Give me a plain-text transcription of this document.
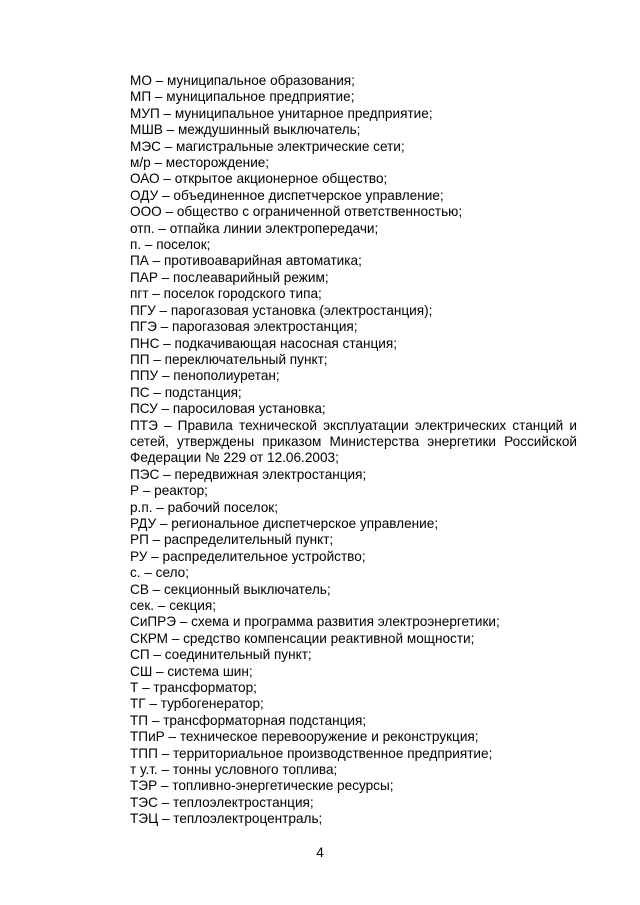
МО – муниципальное образования;
МП – муниципальное предприятие;
МУП – муниципальное унитарное предприятие;
МШВ – междушинный выключатель;
МЭС – магистральные электрические сети;
м/р – месторождение;
ОАО – открытое акционерное общество;
ОДУ – объединенное диспетчерское управление;
ООО – общество с ограниченной ответственностью;
отп. – отпайка линии электропередачи;
п. – поселок;
ПА – противоаварийная автоматика;
ПАР – послеаварийный режим;
пгт – поселок городского типа;
ПГУ – парогазовая установка (электростанция);
ПГЭ – парогазовая электростанция;
ПНС – подкачивающая насосная станция;
ПП – переключательный пункт;
ППУ – пенополиуретан;
ПС – подстанция;
ПСУ – паросиловая установка;
ПТЭ – Правила технической эксплуатации электрических станций и сетей, утверждены приказом Министерства энергетики Российской Федерации № 229 от 12.06.2003;
ПЭС – передвижная электростанция;
Р – реактор;
р.п. – рабочий поселок;
РДУ – региональное диспетчерское управление;
РП – распределительный пункт;
РУ – распределительное устройство;
с. – село;
СВ – секционный выключатель;
сек. – секция;
СиПРЭ – схема и программа развития электроэнергетики;
СКРМ – средство компенсации реактивной мощности;
СП – соединительный пункт;
СШ – система шин;
Т – трансформатор;
ТГ – турбогенератор;
ТП – трансформаторная подстанция;
ТПиР – техническое перевооружение и реконструкция;
ТПП – территориальное производственное предприятие;
т у.т. – тонны условного топлива;
ТЭР – топливно-энергетические ресурсы;
ТЭС – теплоэлектростанция;
ТЭЦ – теплоэлектроцентраль;
4
